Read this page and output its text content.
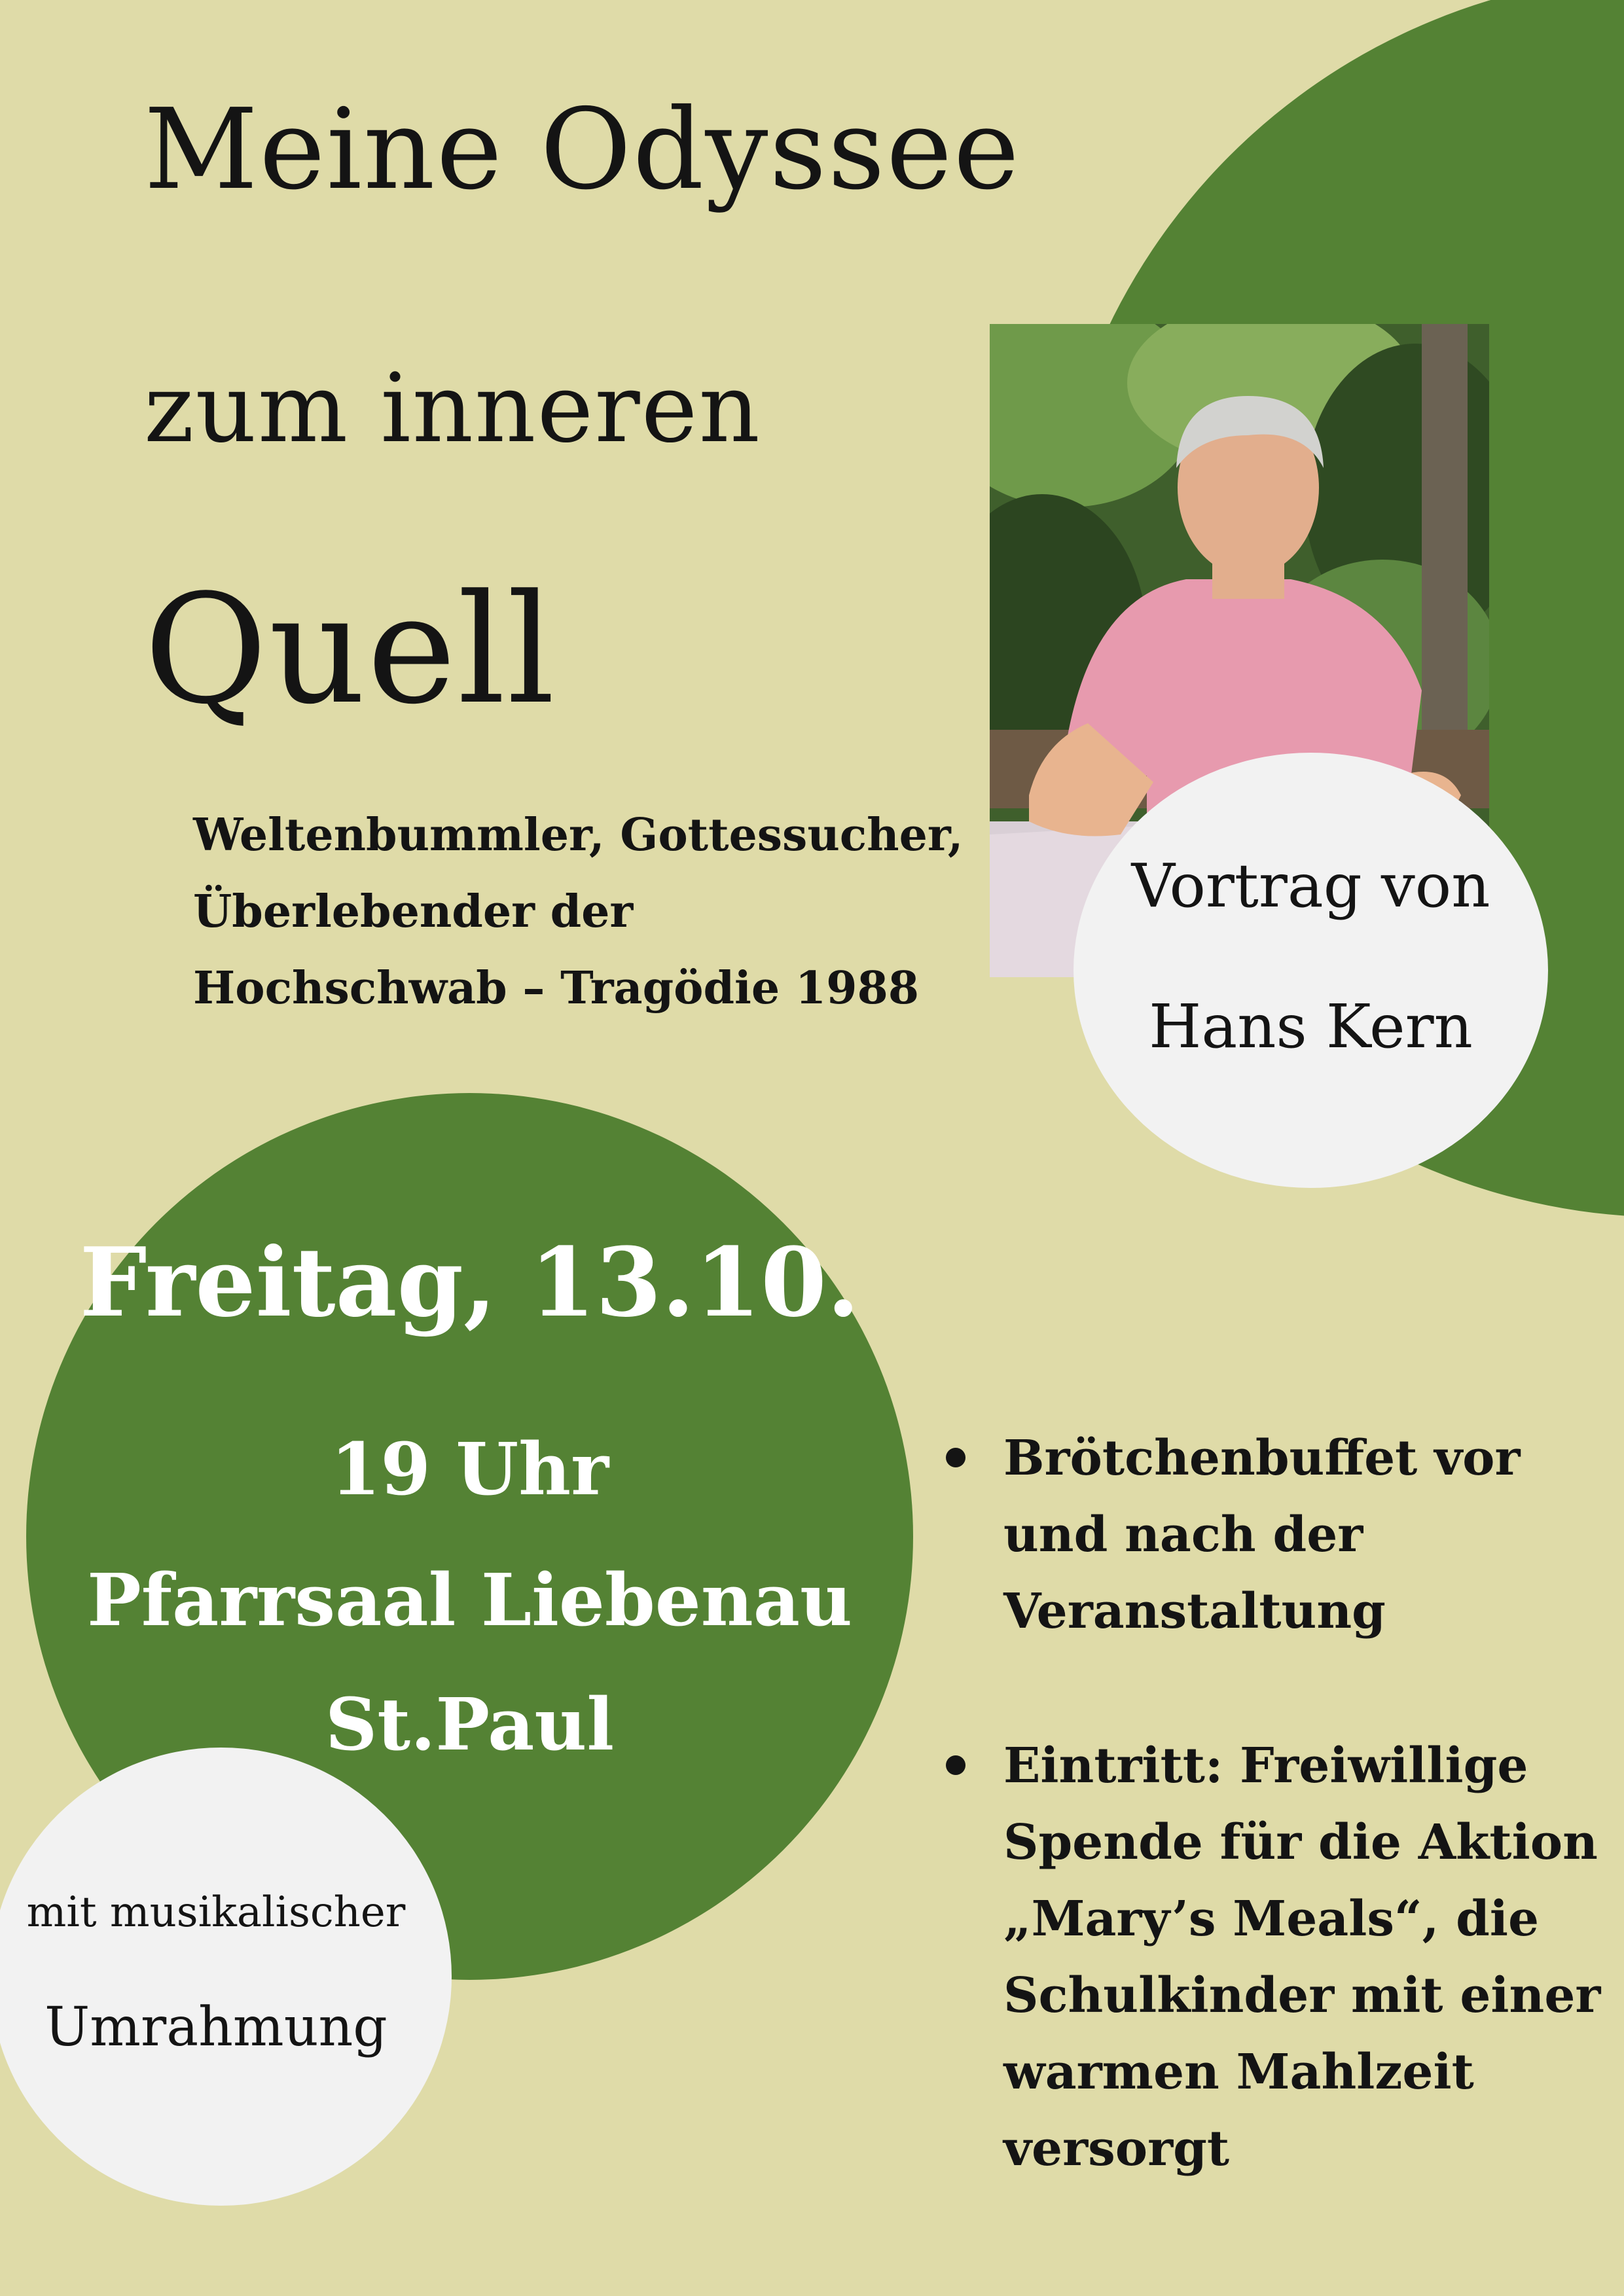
Meine Odyssee
zum inneren
Quell
Weltenbummler, Gottessucher,
Überlebender der
Hochschwab – Tragödie 1988
Vortrag von
Hans Kern
Freitag, 13.10.
19 Uhr
Pfarrsaal Liebenau
St.Paul
mit musikalischer
Umrahmung
Brötchenbuffet vor
und nach der
Veranstaltung
Eintritt: Freiwillige
Spende für die Aktion
„Mary’s Meals“, die
Schulkinder mit einer
warmen Mahlzeit
versorgt
